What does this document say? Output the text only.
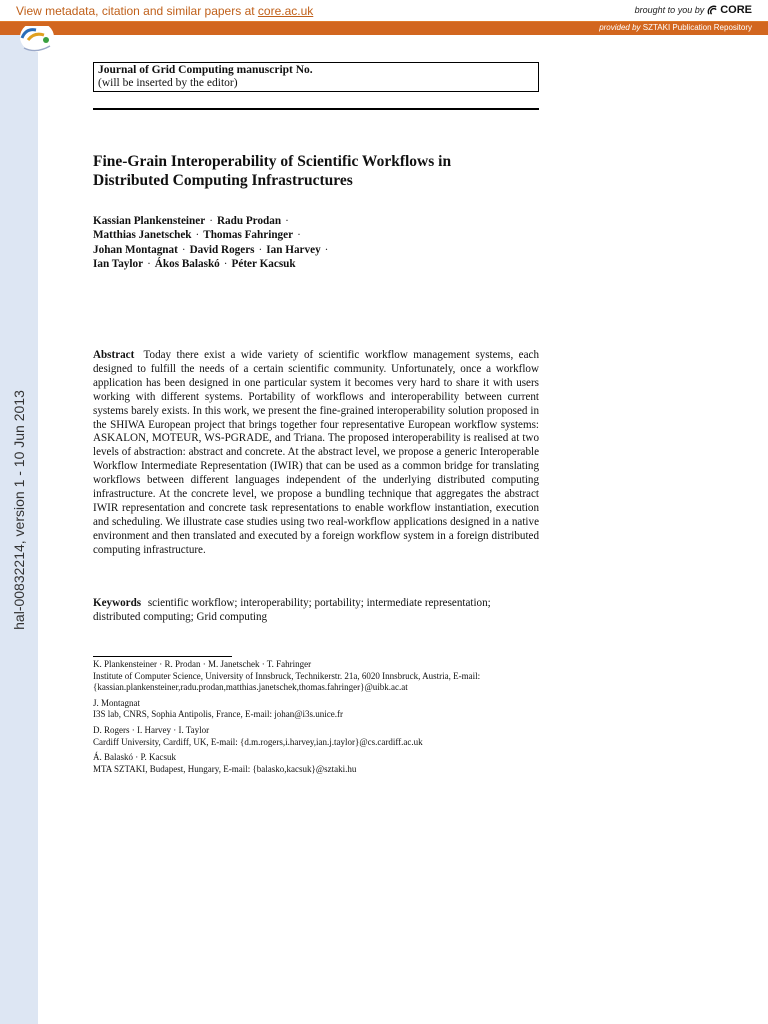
View metadata, citation and similar papers at core.ac.uk	brought to you by CORE
provided by SZTAKI Publication Repository
hal-00832214, version 1 - 10 Jun 2013
Journal of Grid Computing manuscript No.
(will be inserted by the editor)
Fine-Grain Interoperability of Scientific Workflows in
Distributed Computing Infrastructures
Kassian Plankensteiner · Radu Prodan ·
Matthias Janetschek · Thomas Fahringer ·
Johan Montagnat · David Rogers · Ian Harvey ·
Ian Taylor · Ákos Balaskó · Péter Kacsuk
Abstract Today there exist a wide variety of scientific workflow management systems, each designed to fulfill the needs of a certain scientific community. Unfortunately, once a workflow application has been designed in one particular system it becomes very hard to share it with users working with different systems. Portability of workflows and interoperability between current systems barely exists. In this work, we present the fine-grained interoperability solution proposed in the SHIWA European project that brings together four representative European workflow systems: ASKALON, MOTEUR, WS-PGRADE, and Triana. The proposed interoperability is realised at two levels of abstraction: abstract and concrete. At the abstract level, we propose a generic Interoperable Workflow Intermediate Representation (IWIR) that can be used as a common bridge for translating workflows between different languages independent of the underlying distributed computing infrastructure. At the concrete level, we propose a bundling technique that aggregates the abstract IWIR representation and concrete task representations to enable workflow instantiation, execution and scheduling. We illustrate case studies using two real-workflow applications designed in a native environment and then translated and executed by a foreign workflow system in a foreign distributed computing infrastructure.
Keywords scientific workflow; interoperability; portability; intermediate representation; distributed computing; Grid computing
K. Plankensteiner · R. Prodan · M. Janetschek · T. Fahringer
Institute of Computer Science, University of Innsbruck, Technikerstr. 21a, 6020 Innsbruck, Austria, E-mail:
{kassian.plankensteiner,radu.prodan,matthias.janetschek,thomas.fahringer}@uibk.ac.at
J. Montagnat
I3S lab, CNRS, Sophia Antipolis, France, E-mail: johan@i3s.unice.fr
D. Rogers · I. Harvey · I. Taylor
Cardiff University, Cardiff, UK, E-mail: {d.m.rogers,i.harvey,ian.j.taylor}@cs.cardiff.ac.uk
Á. Balaskó · P. Kacsuk
MTA SZTAKI, Budapest, Hungary, E-mail: {balasko,kacsuk}@sztaki.hu
